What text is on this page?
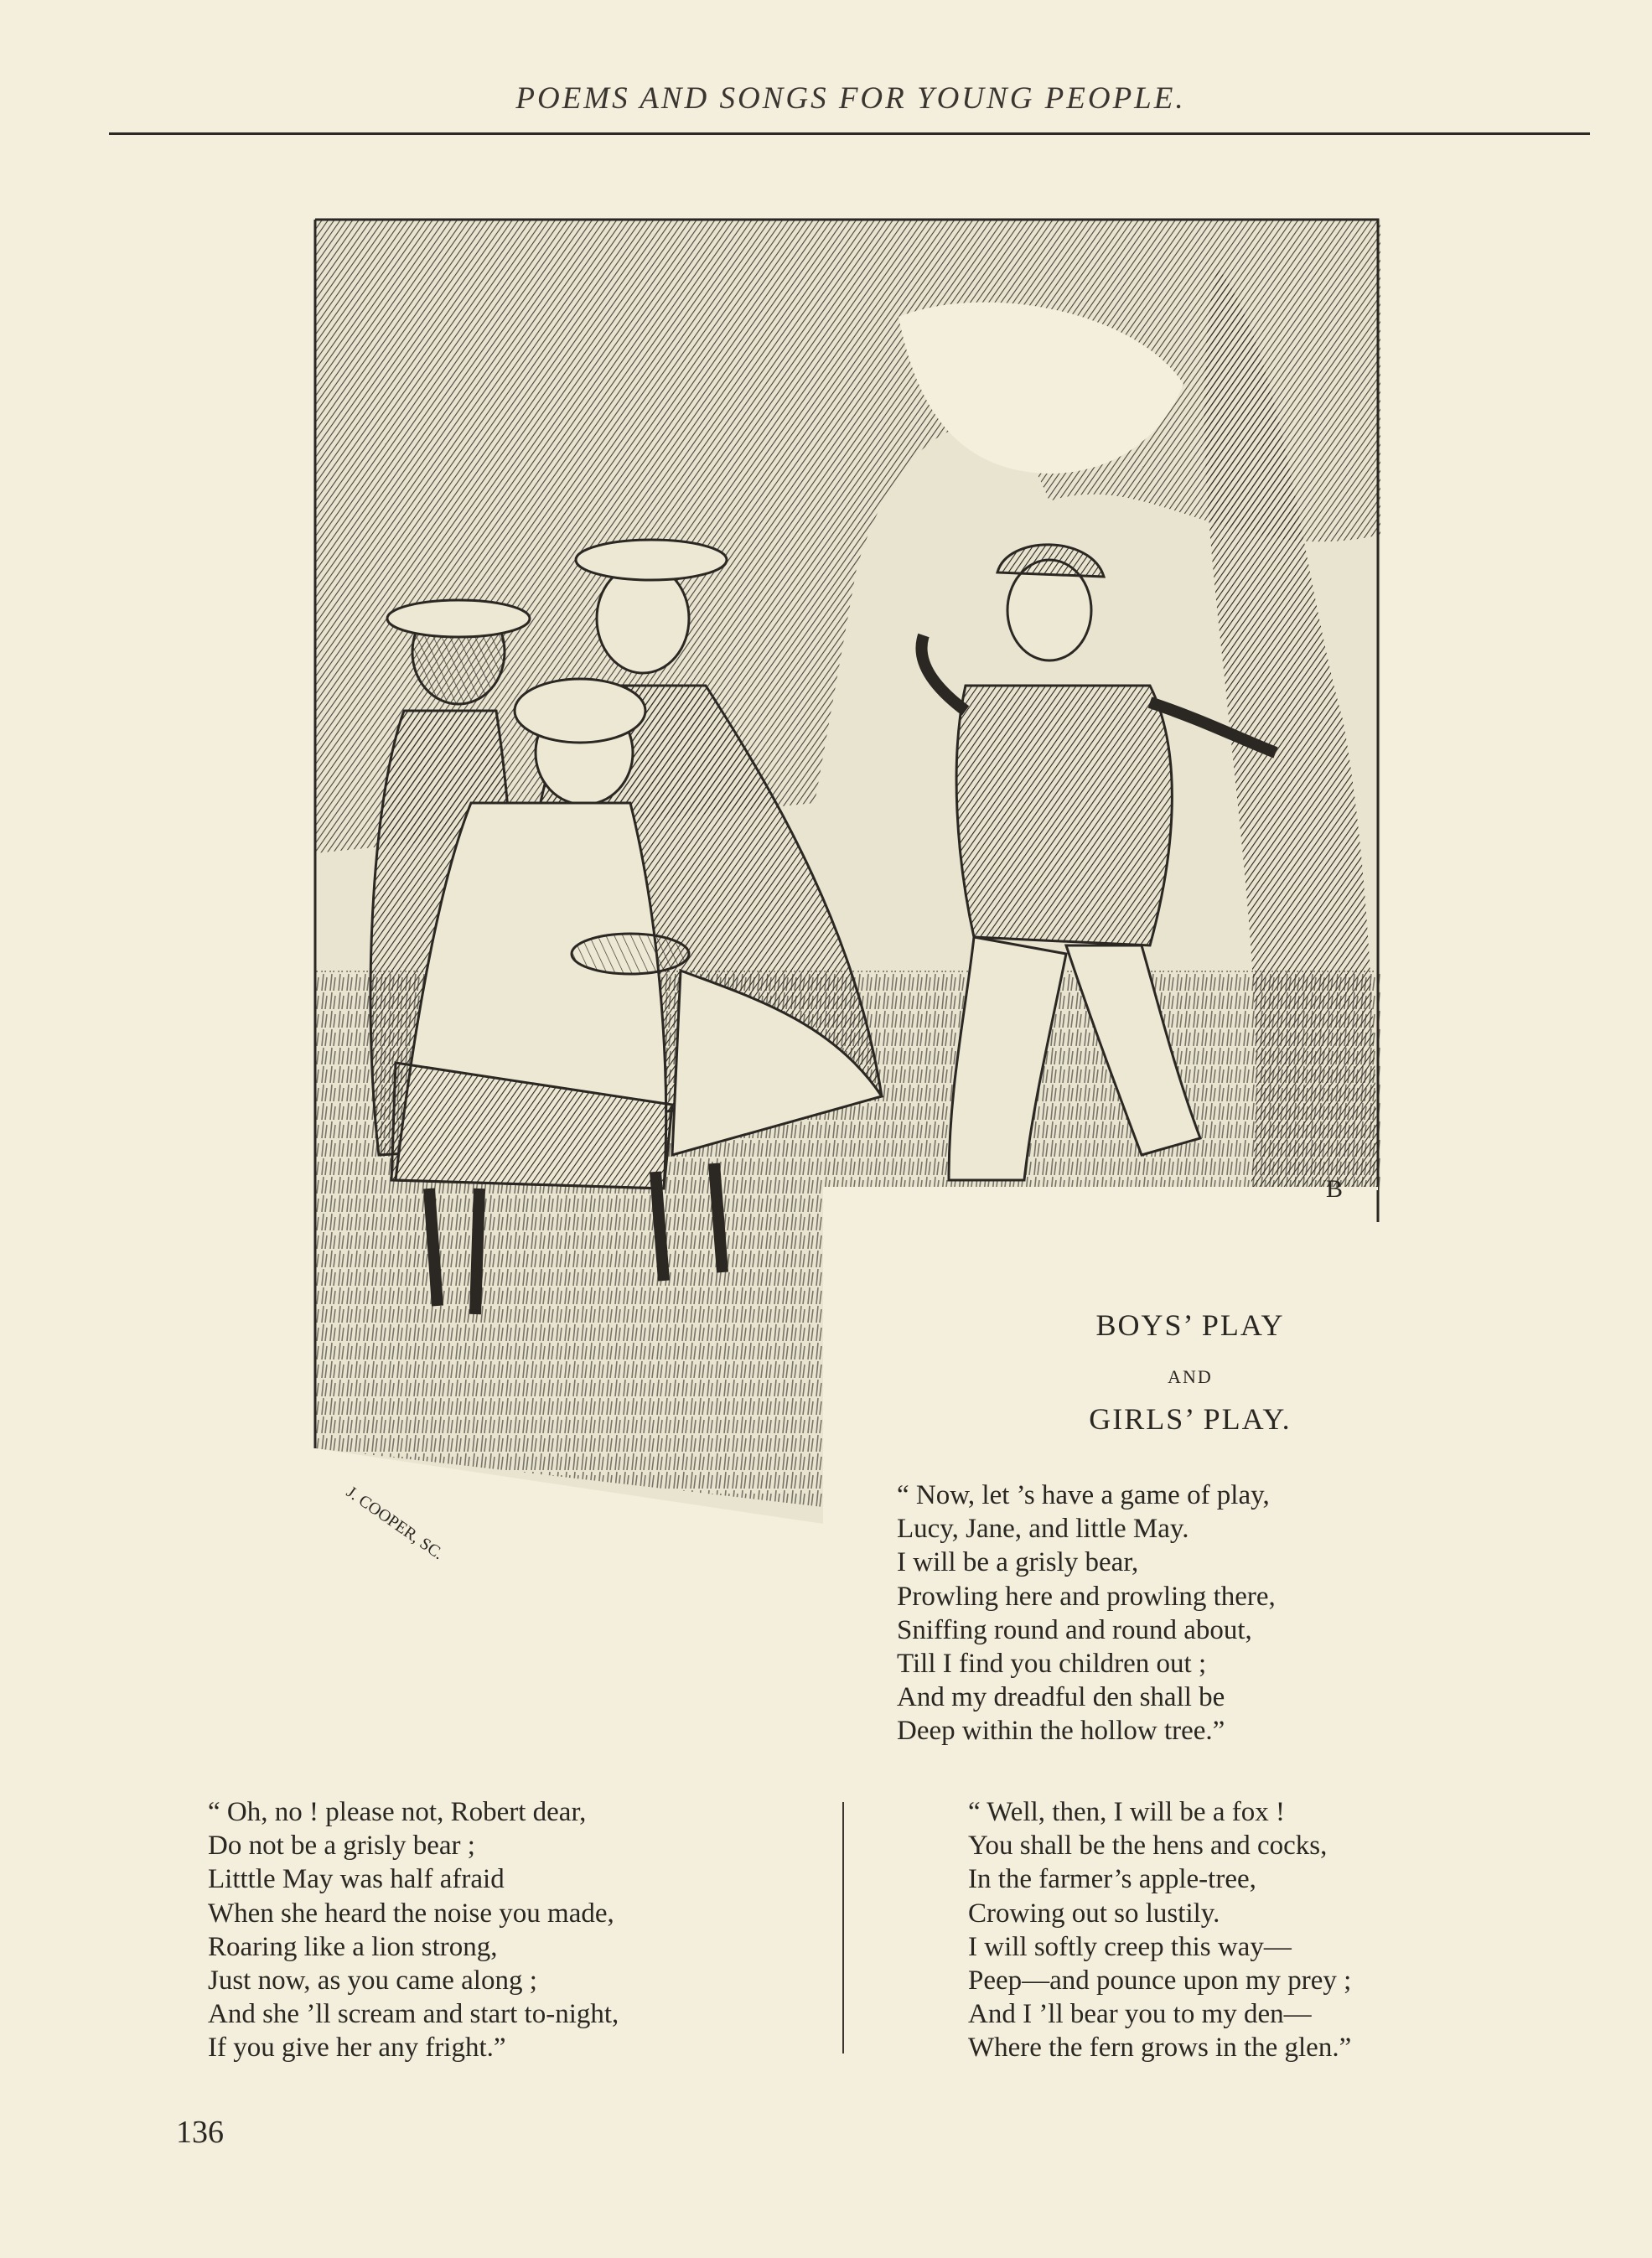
POEMS AND SONGS FOR YOUNG PEOPLE.
J. COOPER, SC.
B
BOYS’ PLAY
AND
GIRLS’ PLAY.
“ Now, let ’s have a game of play,
Lucy, Jane, and little May.
I will be a grisly bear,
Prowling here and prowling there,
Sniffing round and round about,
Till I find you children out ;
And my dreadful den shall be
Deep within the hollow tree.”
“ Oh, no ! please not, Robert dear,
Do not be a grisly bear ;
Litttle May was half afraid
When she heard the noise you made,
Roaring like a lion strong,
Just now, as you came along ;
And she ’ll scream and start to-night,
If you give her any fright.”
“ Well, then, I will be a fox !
You shall be the hens and cocks,
In the farmer’s apple-tree,
Crowing out so lustily.
I will softly creep this way—
Peep—and pounce upon my prey ;
And I ’ll bear you to my den—
Where the fern grows in the glen.”
136
